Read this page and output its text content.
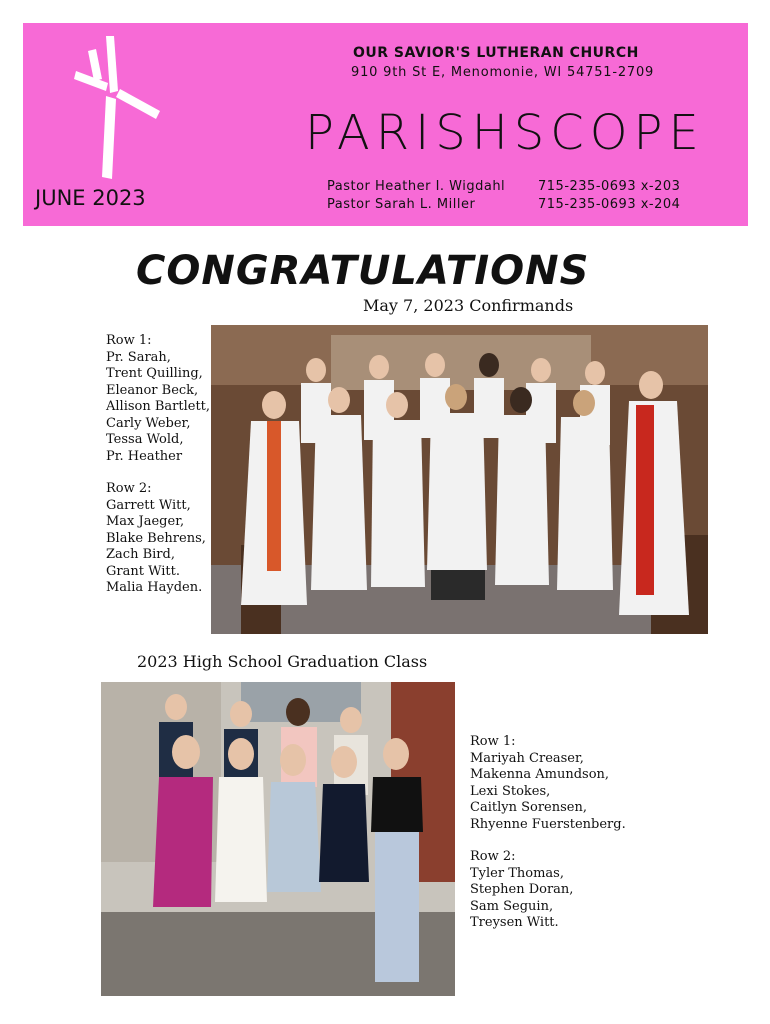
JUNE 2023
OUR SAVIOR'S LUTHERAN CHURCH
910 9th St E, Menomonie, WI 54751-2709
PARISHSCOPE
Pastor Heather I. Wigdahl	715-235-0693 x-203
Pastor Sarah L. Miller	715-235-0693 x-204
CONGRATULATIONS
May 7, 2023 Confirmands
Row 1:
Pr. Sarah,
Trent Quilling,
Eleanor Beck,
Allison Bartlett,
Carly Weber,
Tessa Wold,
Pr. Heather
Row 2:
Garrett Witt,
Max Jaeger,
Blake Behrens,
Zach Bird,
Grant Witt.
Malia Hayden.
2023 High School Graduation Class
Row 1:
Mariyah Creaser,
Makenna Amundson,
Lexi Stokes,
Caitlyn Sorensen,
Rhyenne Fuerstenberg.
Row 2:
Tyler Thomas,
Stephen Doran,
Sam Seguin,
Treysen Witt.
